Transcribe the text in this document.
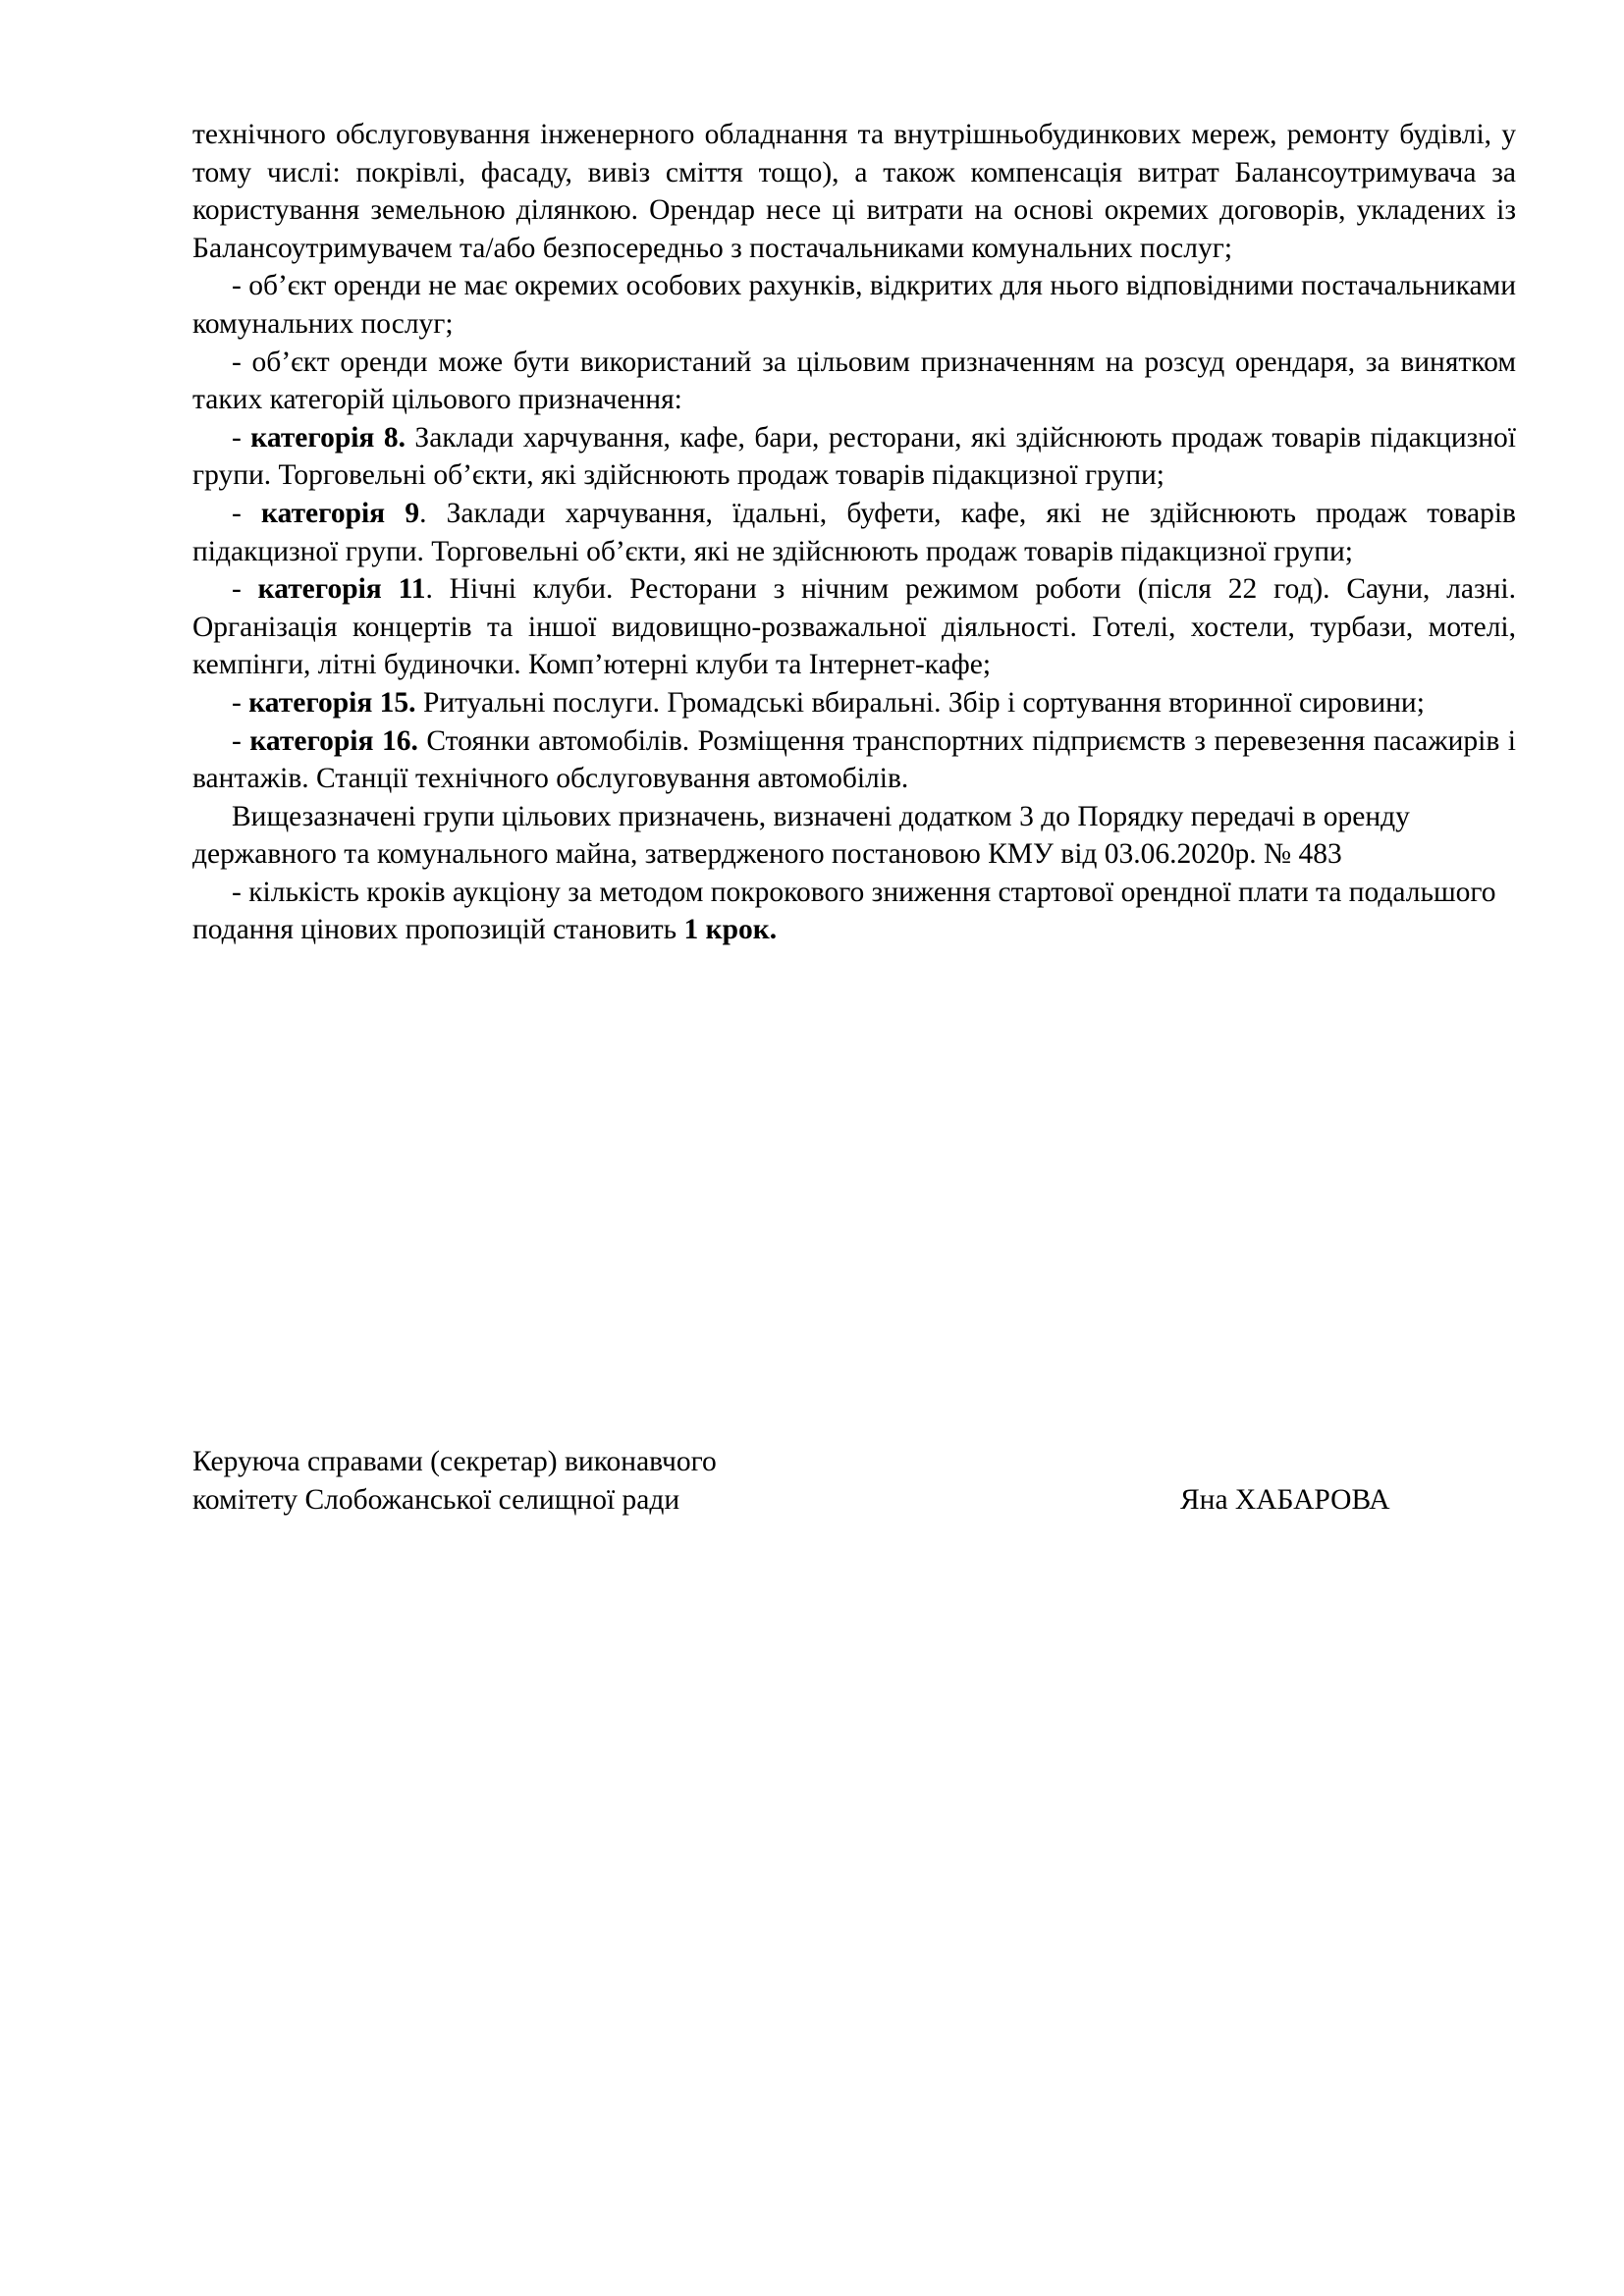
технічного обслуговування інженерного обладнання та внутрішньобудинкових мереж, ремонту будівлі, у тому числі: покрівлі, фасаду, вивіз сміття тощо), а також компенсація витрат Балансоутримувача за користування земельною ділянкою. Орендар несе ці витрати на основі окремих договорів, укладених із Балансоутримувачем та/або безпосередньо з постачальниками комунальних послуг;

- об’єкт оренди не має окремих особових рахунків, відкритих для нього відповідними постачальниками комунальних послуг;

- об’єкт оренди може бути використаний за цільовим призначенням на розсуд орендаря, за винятком таких категорій цільового призначення:

- категорія 8. Заклади харчування, кафе, бари, ресторани, які здійснюють продаж товарів підакцизної групи. Торговельні об’єкти, які здійснюють продаж товарів підакцизної групи;

- категорія 9. Заклади харчування, їдальні, буфети, кафе, які не здійснюють продаж товарів підакцизної групи. Торговельні об’єкти, які не здійснюють продаж товарів підакцизної групи;

- категорія 11. Нічні клуби. Ресторани з нічним режимом роботи (після 22 год). Сауни, лазні. Організація концертів та іншої видовищно-розважальної діяльності. Готелі, хостели, турбази, мотелі, кемпінги, літні будиночки. Комп’ютерні клуби та Інтернет-кафе;

- категорія 15. Ритуальні послуги. Громадські вбиральні. Збір і сортування вторинної сировини;

- категорія 16. Стоянки автомобілів. Розміщення транспортних підприємств з перевезення пасажирів і вантажів. Станції технічного обслуговування автомобілів.

Вищезазначені групи цільових призначень, визначені додатком 3 до Порядку передачі в оренду державного та комунального майна, затвердженого постановою КМУ від 03.06.2020р. № 483

- кількість кроків аукціону за методом покрокового зниження стартової орендної плати та подальшого подання цінових пропозицій становить 1 крок.

Керуюча справами (секретар) виконавчого
комітету Слобожанської селищної ради	Яна ХАБАРОВА
